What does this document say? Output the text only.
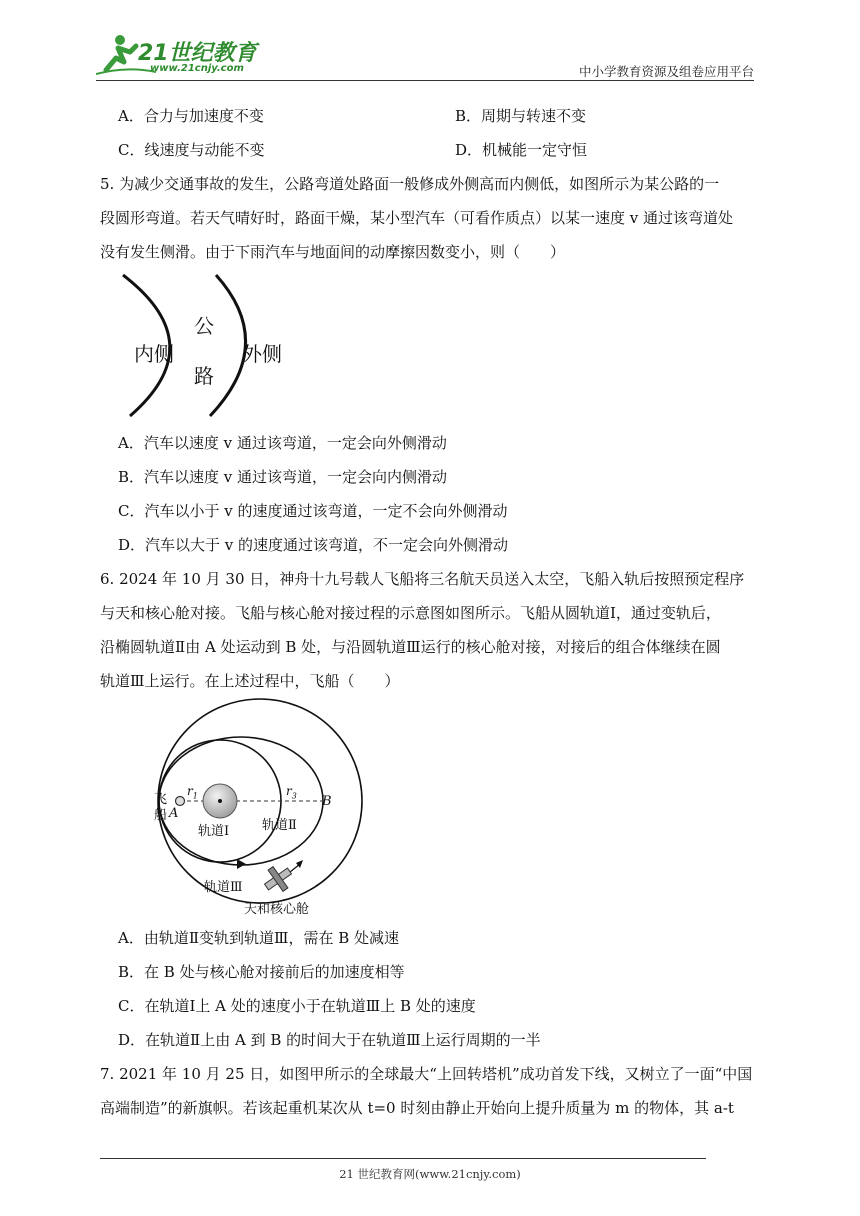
21世纪教育
www.21cnjy.com	中小学教育资源及组卷应用平台
A．合力与加速度不变	B．周期与转速不变
C．线速度与动能不变	D．机械能一定守恒
5. 为减少交通事故的发生，公路弯道处路面一般修成外侧高而内侧低，如图所示为某公路的一
段圆形弯道。若天气晴好时，路面干燥，某小型汽车（可看作质点）以某一速度 v 通过该弯道处
没有发生侧滑。由于下雨汽车与地面间的动摩擦因数变小，则（　　）
内侧
公
路
外侧
A．汽车以速度 v 通过该弯道，一定会向外侧滑动
B．汽车以速度 v 通过该弯道，一定会向内侧滑动
C．汽车以小于 v 的速度通过该弯道，一定不会向外侧滑动
D．汽车以大于 v 的速度通过该弯道，不一定会向外侧滑动
6. 2024 年 10 月 30 日，神舟十九号载人飞船将三名航天员送入太空，飞船入轨后按照预定程序
与天和核心舱对接。飞船与核心舱对接过程的示意图如图所示。飞船从圆轨道Ⅰ，通过变轨后，
沿椭圆轨道Ⅱ由 A 处运动到 B 处，与沿圆轨道Ⅲ运行的核心舱对接，对接后的组合体继续在圆
轨道Ⅲ上运行。在上述过程中，飞船（　　）
飞
船 A
B
$r_1$	$r_3$
轨道Ⅰ	轨道Ⅱ
轨道Ⅲ
天和核心舱
A．由轨道Ⅱ变轨到轨道Ⅲ，需在 B 处减速
B．在 B 处与核心舱对接前后的加速度相等
C．在轨道Ⅰ上 A 处的速度小于在轨道Ⅲ上 B 处的速度
D．在轨道Ⅱ上由 A 到 B 的时间大于在轨道Ⅲ上运行周期的一半
7. 2021 年 10 月 25 日，如图甲所示的全球最大“上回转塔机”成功首发下线，又树立了一面“中国
高端制造”的新旗帜。若该起重机某次从 t=0 时刻由静止开始向上提升质量为 m 的物体，其 a-t
21 世纪教育网(www.21cnjy.com)
